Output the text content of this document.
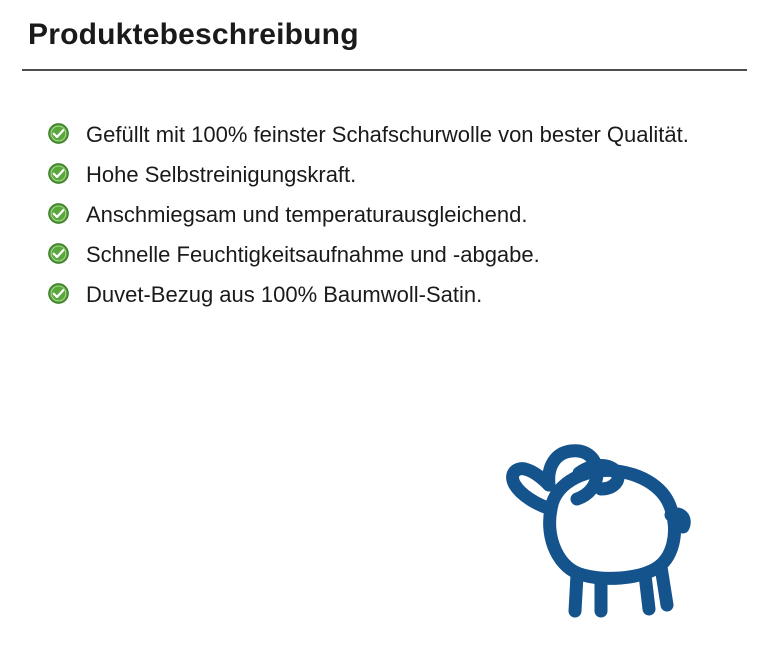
Produktebeschreibung
Gefüllt mit 100% feinster Schafschurwolle von bester Qualität.
Hohe Selbstreinigungskraft.
Anschmiegsam und temperaturausgleichend.
Schnelle Feuchtigkeitsaufnahme und -abgabe.
Duvet-Bezug aus 100% Baumwoll-Satin.
